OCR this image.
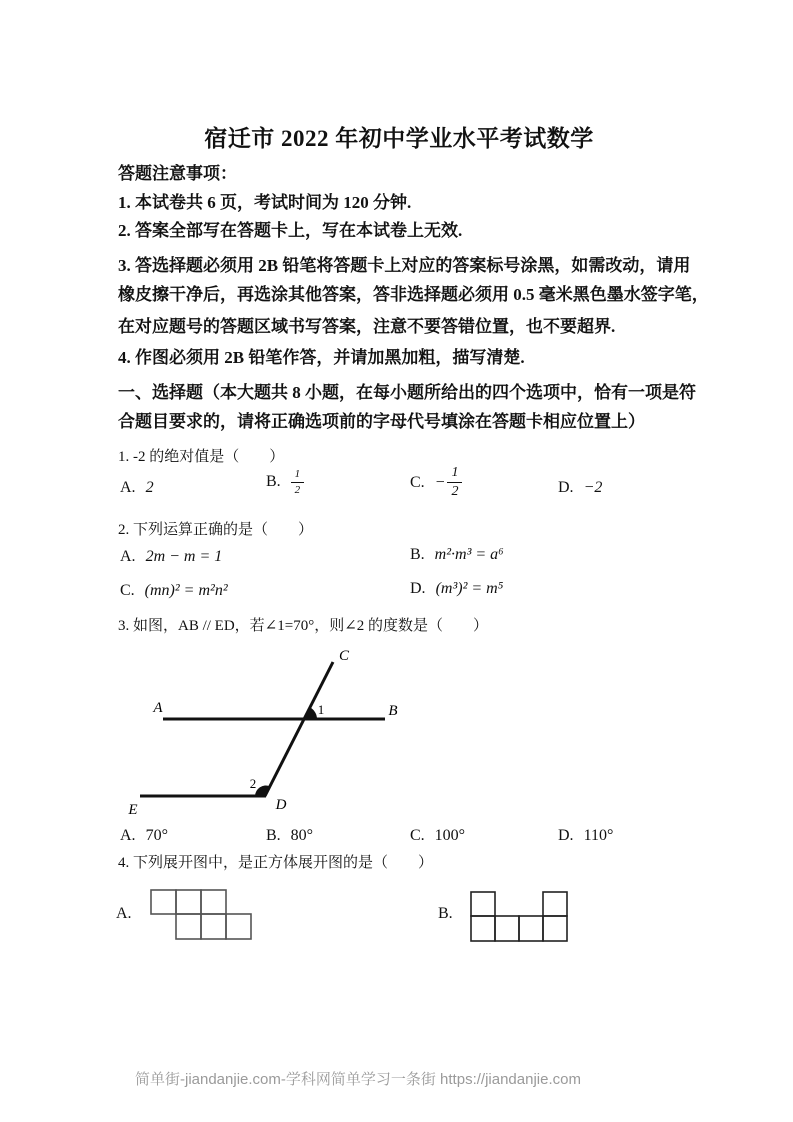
宿迁市 2022 年初中学业水平考试数学
答题注意事项：
1. 本试卷共 6 页，考试时间为 120 分钟.
2. 答案全部写在答题卡上，写在本试卷上无效.
3. 答选择题必须用 2B 铅笔将答题卡上对应的答案标号涂黑，如需改动，请用
橡皮擦干净后，再选涂其他答案，答非选择题必须用 0.5 毫米黑色墨水签字笔，
在对应题号的答题区域书写答案，注意不要答错位置，也不要超界.
4. 作图必须用 2B 铅笔作答，并请加黑加粗，描写清楚.
一、选择题（本大题共 8 小题，在每小题所给出的四个选项中，恰有一项是符
合题目要求的，请将正确选项前的字母代号填涂在答题卡相应位置上）
1. -2 的绝对值是（　　）
A. 2	B. $\frac{1}{2}$	C. − $\frac{1}{2}$	D. −2
2. 下列运算正确的是（　　）
A. 2m − m = 1	B. m²·m³ = a⁶
C. (mn)² = m²n²	D. (m³)² = m⁵
3. 如图，AB // ED，若∠1=70°，则∠2 的度数是（　　）
A	B
C
D
E
1
2
A. 70°	B. 80°	C. 100°	D. 110°
4. 下列展开图中，是正方体展开图的是（　　）
A.	B.
简单街-jiandanjie.com-学科网简单学习一条街 https://jiandanjie.com
